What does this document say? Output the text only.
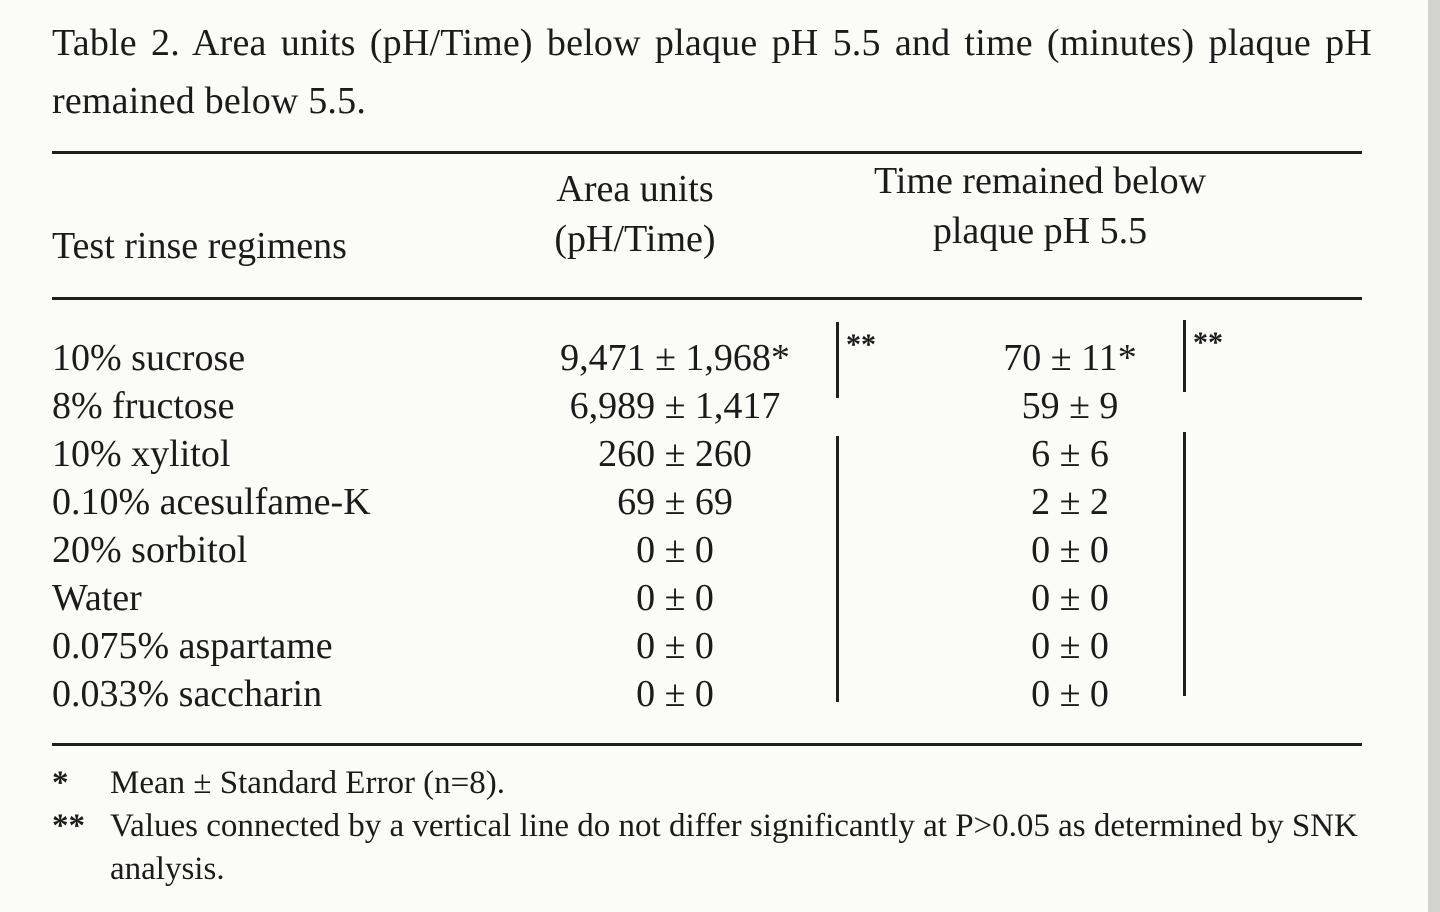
Table 2. Area units (pH/Time) below plaque pH 5.5 and time (minutes) plaque pH remained below 5.5.
Test rinse regimens
Area units
(pH/Time)
Time remained below
plaque pH 5.5
10% sucrose	9,471 ± 1,968*	70 ± 11*
8% fructose	6,989 ± 1,417	59 ± 9
10% xylitol	260 ± 260	6 ± 6
0.10% acesulfame-K	69 ± 69	2 ± 2
20% sorbitol	0 ± 0	0 ± 0
Water	0 ± 0	0 ± 0
0.075% aspartame	0 ± 0	0 ± 0
0.033% saccharin	0 ± 0	0 ± 0
**	**
* Mean ± Standard Error (n=8).
** Values connected by a vertical line do not differ significantly at P>0.05 as determined by SNK analysis.
